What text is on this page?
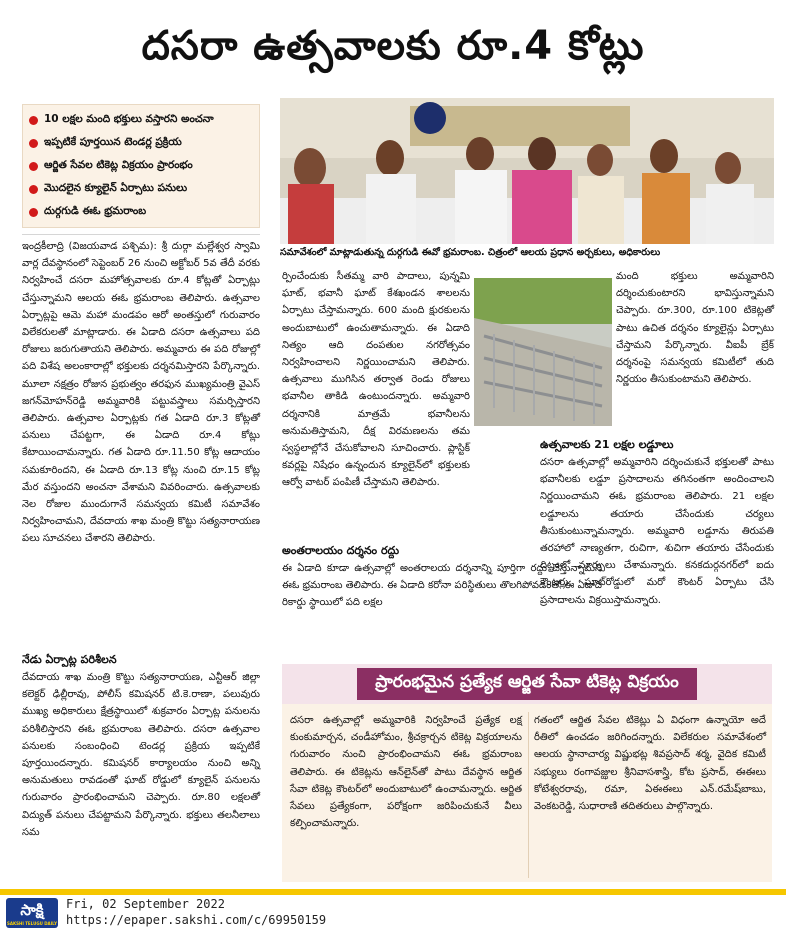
దసరా ఉత్సవాలకు రూ.4 కోట్లు
10 లక్షల మంది భక్తులు వస్తారని అంచనా
ఇప్పటికే పూర్తయిన టెండర్ల ప్రక్రియ
ఆర్జిత సేవల టికెట్ల విక్రయం ప్రారంభం
మొదలైన క్యూలైన్ ఏర్పాటు పనులు
దుర్గగుడి ఈఓ భ్రమరాంబ
సమావేశంలో మాట్లాడుతున్న దుర్గగుడి ఈవో భ్రమరాంబ. చిత్రంలో ఆలయ ప్రధాన అర్చకులు, అధికారులు

ఇంద్రకీలాద్రి (విజయవాడ పశ్చిమ): శ్రీ దుర్గా మల్లేశ్వర స్వామి వార్ల దేవస్థానంలో సెప్టెంబర్ 26 నుంచి అక్టోబర్ 5వ తేదీ వరకు నిర్వహించే దసరా మహోత్సవాలకు రూ.4 కోట్లతో ఏర్పాట్లు చేస్తున్నామని ఆలయ ఈఓ భ్రమరాంబ తెలిపారు. ఉత్సవాల ఏర్పాట్లపై ఆమె మహా మండపం ఆరో అంతస్తులో గురువారం విలేకరులతో మాట్లాడారు. ఈ ఏడాది దసరా ఉత్సవాలు పది రోజులు జరుగుతాయని తెలిపారు. అమ్మవారు ఈ పది రోజుల్లో పది విశేష అలంకారాల్లో భక్తులకు దర్శనమిస్తారని పేర్కొన్నారు. మూలా నక్షత్రం రోజున ప్రభుత్వం తరఫున ముఖ్యమంత్రి వైఎస్ జగన్‌మోహన్‌రెడ్డి అమ్మవారికి పట్టువస్త్రాలు సమర్పిస్తారని తెలిపారు. ఉత్సవాల ఏర్పాట్లకు గత ఏడాది రూ.3 కోట్లతో పనులు చేపట్టగా, ఈ ఏడాది రూ.4 కోట్లు కేటాయించామన్నారు. గత ఏడాది రూ.11.50 కోట్ల ఆదాయం సమకూరిందని, ఈ ఏడాది రూ.13 కోట్ల నుంచి రూ.15 కోట్ల మేర వస్తుందని అంచనా వేశామని వివరించారు. ఉత్సవాలకు నెల రోజుల ముందుగానే సమన్వయ కమిటీ సమావేశం నిర్వహించామని, దేవదాయ శాఖ మంత్రి కొట్టు సత్యనారాయణ పలు సూచనలు చేశారని తెలిపారు.

నేడు ఏర్పాట్ల పరిశీలన

దేవదాయ శాఖ మంత్రి కొట్టు సత్యనారాయణ, ఎన్టీఆర్ జిల్లా కలెక్టర్ ఢిల్లీరావు, పోలీస్ కమిషనర్ టి.కె.రాణా, పలువురు ముఖ్య అధికారులు క్షేత్రస్థాయిలో శుక్రవారం ఏర్పాట్ల పనులను పరిశీలిస్తారని ఈఓ భ్రమరాంబ తెలిపారు. దసరా ఉత్సవాల పనులకు సంబంధించి టెండర్ల ప్రక్రియ ఇప్పటికే పూర్తయిందన్నారు. కమిషనర్ కార్యాలయం నుంచి అన్ని అనుమతులు రావడంతో ఘాట్ రోడ్డులో క్యూలైన్ పనులను గురువారం ప్రారంభించామని చెప్పారు. రూ.80 లక్షలతో విద్యుత్ పనులు చేపట్టామని పేర్కొన్నారు. భక్తులు తలనీలాలు సమ

ర్పించేందుకు సీతమ్మ వారి పాదాలు, పున్నమి ఘాట్, భవానీ ఘాట్ కేశఖండన శాలలను ఏర్పాటు చేస్తామన్నారు. 600 మంది క్షురకులను అందుబాటులో ఉంచుతామన్నారు. ఈ ఏడాది నిత్యం ఆది దంపతుల నగరోత్సవం నిర్వహించాలని నిర్ణయించామని తెలిపారు. ఉత్సవాలు ముగిసిన తర్వాత రెండు రోజులు భవానీల తాకిడి ఉంటుందన్నారు. అమ్మవారి దర్శనానికి మాత్రమే భవానీలను అనుమతిస్తామని, దీక్ష విరమణలను తమ స్వస్థలాల్లోనే చేసుకోవాలని సూచించారు. ప్లాస్టిక్ కవర్లపై నిషేధం ఉన్నందున క్యూలైన్‌లో భక్తులకు ఆర్వో వాటర్ పంపిణీ చేస్తామని తెలిపారు.

అంతరాలయం దర్శనం రద్దు

ఈ ఏడాది కూడా ఉత్సవాల్లో అంతరాలయ దర్శనాన్ని పూర్తిగా రద్దు చేస్తున్నామని ఈఓ భ్రమరాంబ తెలిపారు. ఈ ఏడాది కరోనా పరిస్థితులు తొలగిపోవడంతో ఈ ఏడాది రికార్డు స్థాయిలో పది లక్షల

మంది భక్తులు అమ్మవారిని దర్శించుకుంటారని భావిస్తున్నామని చెప్పారు. రూ.300, రూ.100 టికెట్లతో పాటు ఉచిత దర్శనం క్యూలైన్లు ఏర్పాటు చేస్తామని పేర్కొన్నారు. వీఐపీ బ్రేక్ దర్శనంపై సమన్వయ కమిటీలో తుది నిర్ణయం తీసుకుంటామని తెలిపారు.

ఉత్సవాలకు 21 లక్షల లడ్డూలు

దసరా ఉత్సవాల్లో అమ్మవారిని దర్శించుకునే భక్తులతో పాటు భవానీలకు లడ్డూ ప్రసాదాలను తగినంతగా అందించాలని నిర్ణయించామని ఈఓ భ్రమరాంబ తెలిపారు. 21 లక్షల లడ్డూలను తయారు చేసేందుకు చర్యలు తీసుకుంటున్నామన్నారు. అమ్మవారి లడ్డూను తిరుపతి తరహాలో నాణ్యతగా, రుచిగా, శుచిగా తయారు చేసేందుకు దిట్టంలో మార్పులు చేశామన్నారు. కనకదుర్గనగర్‌లో ఐదు కౌంటర్లు, ఘాట్‌రోడ్డులో మరో కౌంటర్ ఏర్పాటు చేసి ప్రసాదాలను విక్రయిస్తామన్నారు.

ప్రారంభమైన ప్రత్యేక ఆర్జిత సేవా టికెట్ల విక్రయం

దసరా ఉత్సవాల్లో అమ్మవారికి నిర్వహించే ప్రత్యేక లక్ష కుంకుమార్చన, చండీహోమం, శ్రీచక్రార్చన టికెట్ల విక్రయాలను గురువారం నుంచి ప్రారంభించామని ఈఓ భ్రమరాంబ తెలిపారు. ఈ టికెట్లను ఆన్‌లైన్‌తో పాటు దేవస్థాన ఆర్జిత సేవా టికెట్ల కౌంటర్‌లో అందుబాటులో ఉంచామన్నారు. ఆర్జిత సేవలు ప్రత్యేకంగా, పరోక్షంగా జరిపించుకునే వీలు కల్పించామన్నారు.

గతంలో ఆర్జిత సేవల టికెట్లు ఏ విధంగా ఉన్నాయో అదే రీతిలో ఉంచడం జరిగిందన్నారు. విలేకరుల సమావేశంలో ఆలయ స్థానాచార్య విష్ణుభట్ల శివప్రసాద్ శర్మ, వైదిక కమిటీ సభ్యులు రంగావజ్ఝుల శ్రీనివాసశాస్త్రి, కోట ప్రసాద్, ఈఈలు కోటేశ్వరరావు, రమా, ఏఈఈలు ఎన్.రమేష్‌బాబు, వెంకటరెడ్డి, సుధారాణి తదితరులు పాల్గొన్నారు.

సాక్షి
SAKSHI TELUGU DAILY
Fri, 02 September 2022
https://epaper.sakshi.com/c/69950159
